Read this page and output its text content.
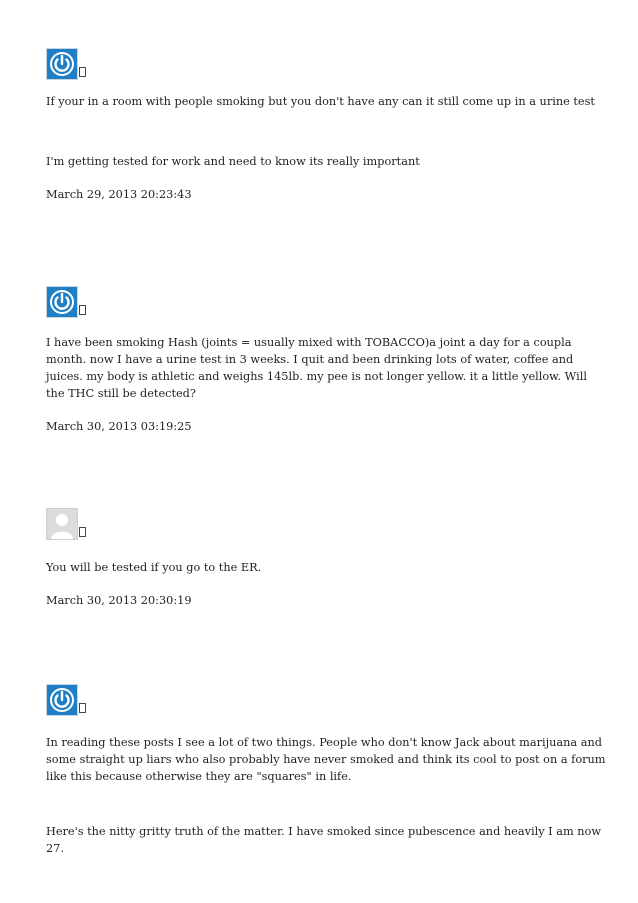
If your in a room with people smoking but you don't have any can it still come up in a urine test

I'm getting tested for work and need to know its really important

March 29, 2013 20:23:43

I have been smoking Hash (joints = usually mixed with TOBACCO)a joint a day for a coupla month. now I have a urine test in 3 weeks. I quit and been drinking lots of water, coffee and juices. my body is athletic and weighs 145lb. my pee is not longer yellow. it a little yellow. Will the THC still be detected?

March 30, 2013 03:19:25

You will be tested if you go to the ER.

March 30, 2013 20:30:19

In reading these posts I see a lot of two things. People who don't know Jack about marijuana and some straight up liars who also probably have never smoked and think its cool to post on a forum like this because otherwise they are "squares" in life.

Here's the nitty gritty truth of the matter. I have smoked since pubescence and heavily I am now 27.
